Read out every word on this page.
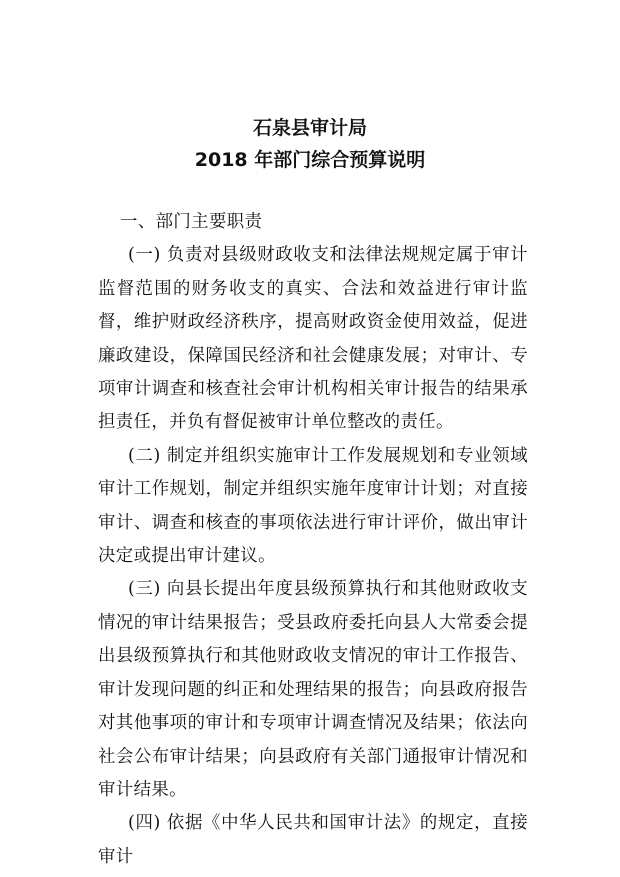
石泉县审计局
2018 年部门综合预算说明

一、部门主要职责

(一) 负责对县级财政收支和法律法规规定属于审计监督范围的财务收支的真实、合法和效益进行审计监督，维护财政经济秩序，提高财政资金使用效益，促进廉政建设，保障国民经济和社会健康发展；对审计、专项审计调查和核查社会审计机构相关审计报告的结果承担责任，并负有督促被审计单位整改的责任。

(二) 制定并组织实施审计工作发展规划和专业领域审计工作规划，制定并组织实施年度审计计划；对直接审计、调查和核查的事项依法进行审计评价，做出审计决定或提出审计建议。

(三) 向县长提出年度县级预算执行和其他财政收支情况的审计结果报告；受县政府委托向县人大常委会提出县级预算执行和其他财政收支情况的审计工作报告、审计发现问题的纠正和处理结果的报告；向县政府报告对其他事项的审计和专项审计调查情况及结果；依法向社会公布审计结果；向县政府有关部门通报审计情况和审计结果。

(四) 依据《中华人民共和国审计法》的规定，直接审计
